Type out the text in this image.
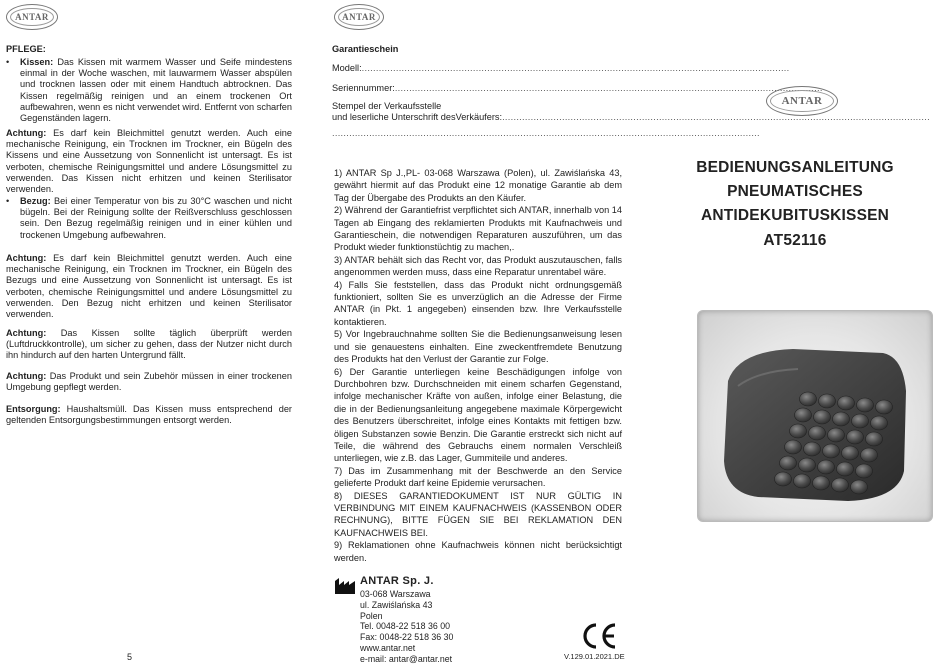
ANTAR
PFLEGE:
• Kissen: Das Kissen mit warmem Wasser und Seife mindestens einmal in der Woche waschen, mit lauwarmem Wasser abspülen und trocknen lassen oder mit einem Handtuch abtrocknen. Das Kissen regelmäßig reinigen und an einem trockenen Ort aufbewahren, wenn es nicht verwendet wird. Entfernt von scharfen Gegenständen lagern.
Achtung: Es darf kein Bleichmittel genutzt werden. Auch eine mechanische Reinigung, ein Trocknen im Trockner, ein Bügeln des Kissens und eine Aussetzung von Sonnenlicht ist untersagt. Es ist verboten, chemische Reinigungsmittel und andere Lösungsmittel zu verwenden. Das Kissen nicht erhitzen und keinen Sterilisator verwenden.
• Bezug: Bei einer Temperatur von bis zu 30°C waschen und nicht bügeln. Bei der Reinigung sollte der Reißverschluss geschlossen sein. Den Bezug regelmäßig reinigen und in einer kühlen und trockenen Umgebung aufbewahren.
Achtung: Es darf kein Bleichmittel genutzt werden. Auch eine mechanische Reinigung, ein Trocknen im Trockner, ein Bügeln des Bezugs und eine Aussetzung von Sonnenlicht ist untersagt. Es ist verboten, chemische Reinigungsmittel und andere Lösungsmittel zu verwenden. Den Bezug nicht erhitzen und keinen Sterilisator verwenden.
Achtung: Das Kissen sollte täglich überprüft werden (Luftdruckkontrolle), um sicher zu gehen, dass der Nutzer nicht durch ihn hindurch auf den harten Untergrund fällt.
Achtung: Das Produkt und sein Zubehör müssen in einer trockenen Umgebung gepflegt werden.
Entsorgung: Haushaltsmüll. Das Kissen muss entsprechend der geltenden Entsorgungsbestimmungen entsorgt werden.
5
ANTAR
Garantieschein
Modell:......................................................................................................................................................
Seriennummer:......................................................................................................................................................
Stempel der Verkaufsstelle
und leserliche Unterschrift desVerkäufers:......................................................................................................................................................
......................................................................................................................................................

1) ANTAR Sp J.,PL- 03-068 Warszawa (Polen), ul. Zawiślańska 43, gewährt hiermit auf das Produkt eine 12 monatige Garantie ab dem Tag der Übergabe des Produkts an den Käufer.

2) Während der Garantiefrist verpflichtet sich ANTAR, innerhalb von 14 Tagen ab Eingang des reklamierten Produkts mit Kaufnachweis und Garantieschein, die notwendigen Reparaturen auszuführen, um das Produkt wieder funktionstüchtig zu machen,.

3) ANTAR behält sich das Recht vor, das Produkt auszutauschen, falls angenommen werden muss, dass eine Reparatur unrentabel wäre.

4) Falls Sie feststellen, dass das Produkt nicht ordnungsgemäß funktioniert, sollten Sie es unverzüglich an die Adresse der Firme ANTAR (in Pkt. 1 angegeben) einsenden bzw. Ihre Verkaufsstelle kontaktieren.

5) Vor Ingebrauchnahme sollten Sie die Bedienungsanweisung lesen und sie genauestens einhalten. Eine zweckentfremdete Benutzung des Produkts hat den Verlust der Garantie zur Folge.

6) Der Garantie unterliegen keine Beschädigungen infolge von Durchbohren bzw. Durchschneiden mit einem scharfen Gegenstand, infolge mechanischer Kräfte von außen, infolge einer Belastung, die die in der Bedienungsanleitung angegebene maximale Körpergewicht des Benutzers überschreitet, infolge eines Kontakts mit fettigen bzw. öligen Substanzen sowie Benzin. Die Garantie erstreckt sich nicht auf Teile, die während des Gebrauchs einem normalen Verschleiß unterliegen, wie z.B. das Lager, Gummiteile und anderes.

7) Das im Zusammenhang mit der Beschwerde an den Service gelieferte Produkt darf keine Epidemie verursachen.

8) DIESES GARANTIEDOKUMENT IST NUR GÜLTIG IN VERBINDUNG MIT EINEM KAUFNACHWEIS (KASSENBON ODER RECHNUNG), BITTE FÜGEN SIE BEI REKLAMATION DEN KAUFNACHWEIS BEI.

9) Reklamationen ohne Kaufnachweis können nicht berücksichtigt werden.

ANTAR Sp. J.
03-068 Warszawa
ul. Zawiślańska 43
Polen
Tel. 0048-22 518 36 00
Fax: 0048-22 518 36 30
www.antar.net
e-mail: antar@antar.net	V.129.01.2021.DE
ANTAR
BEDIENUNGSANLEITUNG
PNEUMATISCHES
ANTIDEKUBITUSKISSEN
AT52116
